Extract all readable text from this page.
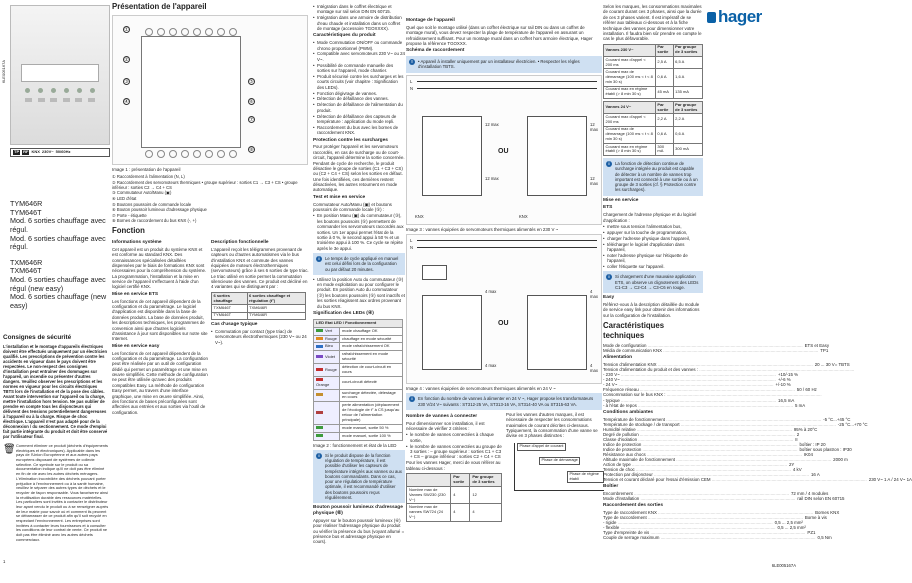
6LE005167A
TP RF KNX 230V~ 50/60Hz
TYM646R
TYM646T
Mod. 6 sorties chauffage avec régul.
Mod. 6 sorties chauffage avec régul.
TXM646R
TXM646T
Mod. 6 sorties chauffage avec régul (new easy)
Mod. 6 sorties chauffage (new easy)
Consignes de sécurité

L'installation et le montage d'appareils électriques doivent être effectués uniquement par un électricien qualifié. Les prescriptions de prévention contre les accidents en vigueur dans le pays doivent être respectées. Le non-respect des consignes d'installation peut entraîner des dommages sur l'appareil, un incendie ou présenter d'autres dangers. Veuillez observer les prescriptions et les normes en vigueur pour les circuits électriques TBTS lors de l'installation et de la pose des câbles. Avant toute intervention sur l'appareil ou la charge, mettre l'installation hors tension. Ne pas oublier de prendre en compte tous les disjoncteurs qui délivrent des tensions potentiellement dangereuses à l'appareil ou à la charge. Risque de choc électrique. L'appareil n'est pas adapté pour de la déconnexion / du sectionnement. Ce mode d'emploi fait partie intégrante du produit et doit être conservé par l'utilisateur final.

🗑 Comment éliminer ce produit (déchets d'équipements électriques et électroniques). Applicable dans les pays de l'Union Européenne et aux autres pays européens disposant de systèmes de collecte sélective. Ce symbole sur le produit ou sa documentation indique qu'il ne doit pas être éliminé en fin de vie avec les autres déchets ménagers. L'élimination incontrôlée des déchets pouvant porter préjudice à l'environnement ou à la santé humaine, veuillez le séparer des autres types de déchets et le recycler de façon responsable. Vous favoriserez ainsi la réutilisation durable des ressources matérielles. Les particuliers sont invités à contacter le distributeur leur ayant vendu le produit ou à se renseigner auprès de leur mairie pour savoir où et comment ils peuvent se débarrasser de ce produit afin qu'il soit recyclé en respectant l'environnement. Les entreprises sont invitées à contacter leurs fournisseurs et à consulter les conditions de leur contrat de vente. Ce produit ne doit pas être éliminé avec les autres déchets commerciaux.

1
Présentation de l'appareil
①
②
③
④
⑤
⑥
⑦
⑧
Image 1 : présentation de l'appareil
① Raccordement à l'alimentation (N, L)
② Raccordement des servomoteurs thermiques • groupe supérieur : sorties C1 → C3 + CS • groupe inférieur : sorties C2 → C4 + CS
③ Commutateur Auto/Manu (▣)
④ LED d'état
⑤ Boutons poussoirs de commande locale
⑥ Bouton poussoir lumineux d'adressage physique
⑦ Porte - étiquette
⑧ Bornes de raccordement du bus KNX (-, +)
Fonction
Informations système

Cet appareil est un produit du système KNX et est conforme au standard KNX. Des connaissances spécialisées détaillées dispensées par le biais de formations KNX sont nécessaires pour la compréhension du système. La programmation, l'installation et la mise en service de l'appareil s'effectuent à l'aide d'un logiciel certifié KNX.

Mise en service ETS

Les fonctions de cet appareil dépendent de la configuration et du paramétrage. Le logiciel d'application est disponible dans la base de données produits. La base de données produit, les descriptions techniques, les programmes de conversion ainsi que d'autres logiciels d'assistance à jour sont disponibles sur notre site Internet.

Mise en service easy

Les fonctions de cet appareil dépendent de la configuration et du paramétrage. La configuration peut être réalisée par un outil de configuration dédié qui permet un paramétrage et une mise en œuvre simplifiés. Cette méthode de configuration ne peut être utilisée qu'avec des produits compatibles Easy. La méthode de configuration Easy permet, au travers d'une interface graphique, une mise en œuvre simplifiée. Ainsi, des fonctions de bases préconfigurées sont affectées aux entrées et aux sorties via l'outil de configuration.

Description fonctionnelle

L'appareil reçoit les télégrammes provenant de capteurs ou d'autres automatismes via le bus d'installation KNX et commute des vannes équipées de moteurs électrothermiques (servomoteurs) grâce à ses 6 sorties de type triac. Le triac utilisé en sortie permet la commutation silencieuse des vannes. Ce produit est décliné en 4 variantes qui se distinguent par :

6 sorties chauffage	6 sorties chauffage et régulation (t°)
TXM646T	TXM646R
TYM646T	TYM646R
Cas d'usage typique
• Commutation par contact (type triac) de servomoteurs électrothermiques (230 V~ ou 24 V~).
• Intégration dans le coffret électrique et montage sur rail selon DIN EN 60715.
• Intégration dans une armoire de distribution d'eau chaude et installation dans un coffret de montage (accessoire TGOXXXX).
Caractéristiques du produit
• Mode Commutation ON/OFF ou commande chrono proportionnel (PWM).
• Compatible avec servomoteurs 230 V~ ou 24 V~.
• Possibilité de commande manuelle des sorties sur l'appareil, mode chantier.
• Produit sécurisé contre les surcharges et les courts circuits (voir chapitre : Signification des LEDs).
• Fonction dégivrage de vannes.
• Détection de défaillance des vannes.
• Détection de défaillance de l'alimentation du produit.
• Détection de défaillance des capteurs de température : application du mode repli.
• Raccordement du bus avec les bornes de raccordement KNX.
Protection contre les surcharges

Pour protéger l'appareil et les servomoteurs raccordés, en cas de surcharge ou de court-circuit, l'appareil détermine la sortie concernée. Pendant de cycle de recherche, le produit désactive le groupe de sorties (C1 + C3 + CS) ou (C2 + C4 + CS) selon les sorties en défaut. Une fois identifiées, ces dernières restent désactivées, les autres retournent en mode automatique.

Test et mise en service

Commutateur Auto/Manu (▣) et boutons poussoirs de commande locale (⑤) :

• En position Manu (▣) du commutateur (③), les boutons poussoirs (⑤) permettent de commander les servomoteurs raccordés aux sorties. Un 1er appui permet l'état de la sortie à 0 %, le second appui à 50 % et un troisième appui à 100 %. Ce cycle se répète après le 3e appui.
i	Le temps de cycle appliqué en manuel est celui défini lors de la configuration ou par défaut 20 minutes.
• Utilisez la position Auto du commutateur (③) en mode exploitation ou pour configurer le produit. En position Auto du commutateur (③) les boutons poussoirs (⑤) sont inactifs et les sorties réagissent aux ordres provenant du bus KNX.
Signification des LEDs (④)
LED Etat LED / Fonctionnement	
Vert	mode chauffage OK
Rouge	chauffage en mode sécurité
Bleu	mode rafraîchissement OK
Violet	rafraîchissement en mode sécurité
Rouge	détection de court-circuit en cours
Orange	court-circuit détecté
	surcharge détectée, délestage en cours
	perte alimentation (déplacement de l'écologie de t° à CS jusqu'au retour de l'alimentation principale)
	mode manuel, sortie 50 %
	mode manuel, sortie 100 %
Image 2 : fonctionnement et état de la LED
i	Si le produit dispose de la fonction régulation de température, il est possible d'utiliser les capteurs de température intégrés aux vannes ou aux boutons commandants. Dans ce cas, pour une régulation de température optimale, il est recommandé d'utiliser des boutons poussoirs reçus régulièrement.
Bouton poussoir lumineux d'adressage physique (⑥)

Appuyer sur le bouton poussoir lumineux (⑥) pour réaliser l'adressage physique du produit ou vérifier la présence du bus (voyant allumé = présence bus et adressage physique en cours).

Montage de l'appareil

Quel que soit le montage utilisé (dans un coffret électrique sur rail DIN ou dans un coffret de montage mural), vous devez respecter la plage de température de l'appareil en assurant un refroidissement suffisant. Pour un montage mural dans un coffret hors armoire électrique, Hager propose la référence TGOXXX.

Schéma de raccordement
!	• Appareil à installer uniquement par un installateur électricien. • Respecter les règles d'installation TBTS.
L
N
12 max
12 max
12 max
12 max
OU
KNX	KNX
Image 3 : vannes équipées de servomoteurs thermiques alimentés en 230 V ~
L
N
4 max
4 max
4 max
4 max
OU
Image 4 : vannes équipées de servomoteurs thermiques alimentés en 24 V ~
i	En fonction du nombre de vannes à alimenter en 24 V ~, Hager propose les transformateurs 230 V/24 V~ suivants : ST312-25 VA, ST313-16 VA, ST314-40 VA ou ST315-63 VA.
Nombre de vannes à connecter

Pour dimensionner son installation, il est nécessaire de vérifier 2 critères :

• le nombre de vannes connectées à chaque sortie,
• le nombre de vannes connectées au groupe de 3 sorties : – groupe supérieur : sorties C1 + C3 + CS – groupe inférieur : sorties C2 + C4 + CS

Pour les vannes Hager, merci de vous référer au tableau ci-dessous :

	Par sortie	Par groupe de 3 sorties
Nombre max de Vannes SW230 (230 V~)	4	12
Nombre max de vannes SW724 (24 V~)	4	4

Pour les vannes d'autres marques, il est nécessaire de respecter les consommations maximales de courant décrites ci-dessous. Typiquement, la consommation d'une vanne se divise en 3 phases distinctes :

Phase d'appel de courant
Phase de démarrage
Phase de régime établi
hager

Selon les marques, les consommations maximales de courant durant ces 3 phases, ainsi que la durée de ces 3 phases varient. Il est impératif de se référer aux tableaux ci-dessous et à la fiche technique des vannes pour dimensionner votre installation. Il faudra bien sûr prendre en compte le cas le plus défavorable.

Vannes 230 V~	Par sortie	Par groupe de 3 sorties
Courant max d'appel < 200 ms	2,5 A	6,5 A
Courant max de démarrage (100 ms < t < 8 min 30 s)	0,6 A	1,6 A
Courant max en régime établi (> 8 min 30 s)	45 mA	135 mA
Vannes 24 V~	Par sortie	Par groupe de 3 sorties
Courant max d'appel < 200 ms	2,2 A	2,2 A
Courant max de démarrage (100 ms < t < 8 min 30 s)	0,6 A	0,6 A
Courant max en régime établi (> 8 min 30 s)	300 mA	300 mA
i	La fonction de détection continue de surcharge intégrée au produit est capable de détecter à un nombre de vannes trop important est connecté à une sortie ou à un groupe de 3 sorties (cf. § Protection contre les surcharges).
Mise en service
ETS

Chargement de l'adresse physique et du logiciel d'application :

• mettre sous tension l'alimentation bus,
• appuyer sur la touche de programmation,
• charger l'adresse physique dans l'appareil,
• télécharger le logiciel d'application dans l'appareil,
• noter l'adresse physique sur l'étiquette de l'appareil,
• coller l'étiquette sur l'appareil.
i	Si chargement d'une mauvaise application ETS, on observe un clignotement des LEDs C1-C3 → C2-C4 → C3-C6 en rouge.
Easy

Référez-vous à la description détaillée du module de service easy link pour obtenir des informations sur la configuration de l'installation.

Caractéristiques techniques
Mode de configuration .....	ETS et Easy
Média de communication KNX .....	TP1
Alimentation
Tension d'alimentation KNX .....	20 ... 30 V= TBTS
Tension d'alimentation du produit et des vannes : .....
- 230 V~ .....	+10/-15 %
- 240 V~ .....	+/-6 %
- 24 V~ .....	+/-10 %
Fréquence réseau .....	50 / 60 Hz
Consommation sur le bus KNX : .....
- typique .....	16,5 mA
- à l'état de repos .....	5 mA
Conditions ambiantes
Température de fonctionnement .....	-5 °C...+45 °C
Température de stockage / de transport .....	-25 °C...+70 °C
Humidité relative .....	95% à 20°C
Degré de pollution .....	2
Classe d'isolation .....	II
Indice de protection .....	boîtier : IP 20
Indice de protection .....	boîtier sous plastron : IP30
Résistance aux chocs .....	IK04
Altitude maximale de fonctionnement .....	2000 m
Action de type .....	2Y
Tension de choc .....	4 kV
Protection par disjoncteur .....	16 A
Tension et courant déclaré pour l'essai d'émission CEM .....	230 V~ 1 A / 24 V~ 1A
Boîtier
Encombrement .....	72 mm / 4 modules
Mode d'installation .....	rail DIN selon EN 60715
Raccordement des sorties
Type de raccordement KNX .....	Bornes KNX
Type de raccordement .....	Borne à vis
- rigide .....	0,5 ... 2,5 mm²
- flexible .....	0,5 ... 2,5 mm²
Type d'empreinte de vis .....	PZ1
Couple de serrage maximum .....	0,5 Nm
6LE005167A
